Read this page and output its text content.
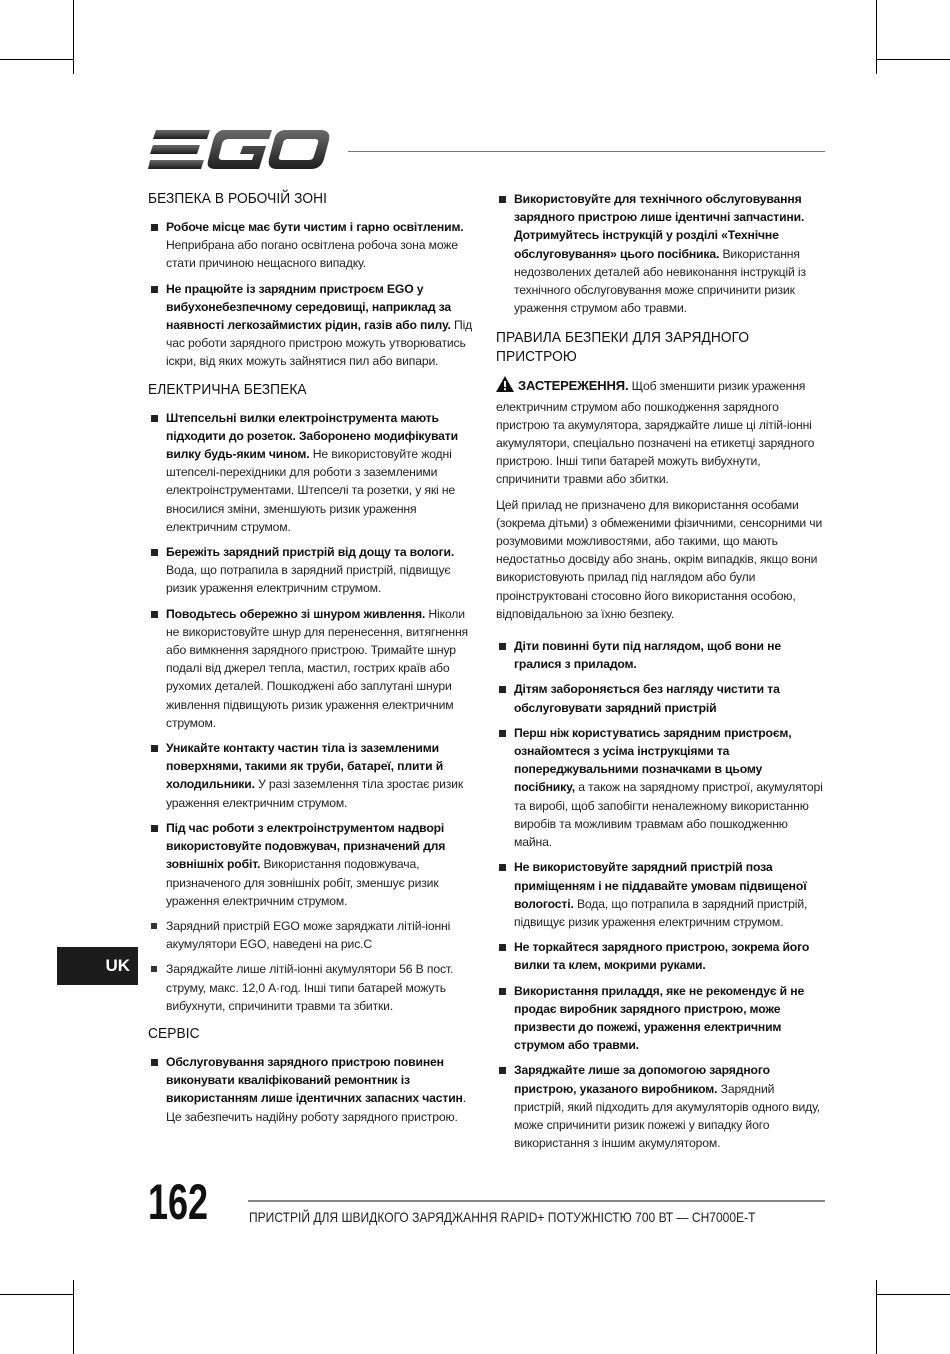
БЕЗПЕКА В РОБОЧІЙ ЗОНІ
Робоче місце має бути чистим і гарно освітленим. Неприбрана або погано освітлена робоча зона може стати причиною нещасного випадку.
Не працюйте із зарядним пристроєм EGO у вибухонебезпечному середовищі, наприклад за наявності легкозаймистих рідин, газів або пилу. Під час роботи зарядного пристрою можуть утворюватись іскри, від яких можуть зайнятися пил або випари.
ЕЛЕКТРИЧНА БЕЗПЕКА
Штепсельні вилки електроінструмента мають підходити до розеток. Заборонено модифікувати вилку будь-яким чином. Не використовуйте жодні штепселі-перехідники для роботи з заземленими електроінструментами. Штепселі та розетки, у які не вносилися зміни, зменшують ризик ураження електричним струмом.
Бережіть зарядний пристрій від дощу та вологи. Вода, що потрапила в зарядний пристрій, підвищує ризик ураження електричним струмом.
Поводьтесь обережно зі шнуром живлення. Ніколи не використовуйте шнур для перенесення, витягнення або вимкнення зарядного пристрою. Тримайте шнур подалі від джерел тепла, мастил, гострих країв або рухомих деталей. Пошкоджені або заплутані шнури живлення підвищують ризик ураження електричним струмом.
Уникайте контакту частин тіла із заземленими поверхнями, такими як труби, батареї, плити й холодильники. У разі заземлення тіла зростає ризик ураження електричним струмом.
Під час роботи з електроінструментом надворі використовуйте подовжувач, призначений для зовнішніх робіт. Використання подовжувача, призначеного для зовнішніх робіт, зменшує ризик ураження електричним струмом.
Зарядний пристрій EGO може заряджати літій-іонні акумулятори EGO, наведені на рис.C
Заряджайте лише літій-іонні акумулятори 56 В пост. струму, макс. 12,0 А·год. Інші типи батарей можуть вибухнути, спричинити травми та збитки.
СЕРВІС
Обслуговування зарядного пристрою повинен виконувати кваліфікований ремонтник із використанням лише ідентичних запасних частин. Це забезпечить надійну роботу зарядного пристрою.
Використовуйте для технічного обслуговування зарядного пристрою лише ідентичні запчастини. Дотримуйтесь інструкцій у розділі «Технічне обслуговування» цього посібника. Використання недозволених деталей або невиконання інструкцій із технічного обслуговування може спричинити ризик ураження струмом або травми.
ПРАВИЛА БЕЗПЕКИ ДЛЯ ЗАРЯДНОГО ПРИСТРОЮ

ЗАСТЕРЕЖЕННЯ. Щоб зменшити ризик ураження електричним струмом або пошкодження зарядного пристрою та акумулятора, заряджайте лише ці літій-іонні акумулятори, спеціально позначені на етикетці зарядного пристрою. Інші типи батарей можуть вибухнути, спричинити травми або збитки.

Цей прилад не призначено для використання особами (зокрема дітьми) з обмеженими фізичними, сенсорними чи розумовими можливостями, або такими, що мають недостатньо досвіду або знань, окрім випадків, якщо вони використовують прилад під наглядом або були проінструктовані стосовно його використання особою, відповідальною за їхню безпеку.

Діти повинні бути під наглядом, щоб вони не гралися з приладом.
Дітям забороняється без нагляду чистити та обслуговувати зарядний пристрій
Перш ніж користуватись зарядним пристроєм, ознайомтеся з усіма інструкціями та попереджувальними позначками в цьому посібнику, а також на зарядному пристрої, акумуляторі та виробі, щоб запобігти неналежному використанню виробів та можливим травмам або пошкодженню майна.
Не використовуйте зарядний пристрій поза приміщенням і не піддавайте умовам підвищеної вологості. Вода, що потрапила в зарядний пристрій, підвищує ризик ураження електричним струмом.
Не торкайтеся зарядного пристрою, зокрема його вилки та клем, мокрими руками.
Використання приладдя, яке не рекомендує й не продає виробник зарядного пристрою, може призвести до пожежі, ураження електричним струмом або травми.
Заряджайте лише за допомогою зарядного пристрою, указаного виробником. Зарядний пристрій, який підходить для акумуляторів одного виду, може спричинити ризик пожежі у випадку його використання з іншим акумулятором.
UK
162	ПРИСТРІЙ ДЛЯ ШВИДКОГО ЗАРЯДЖАННЯ RAPID+ ПОТУЖНІСТЮ 700 ВТ — CH7000E-T
